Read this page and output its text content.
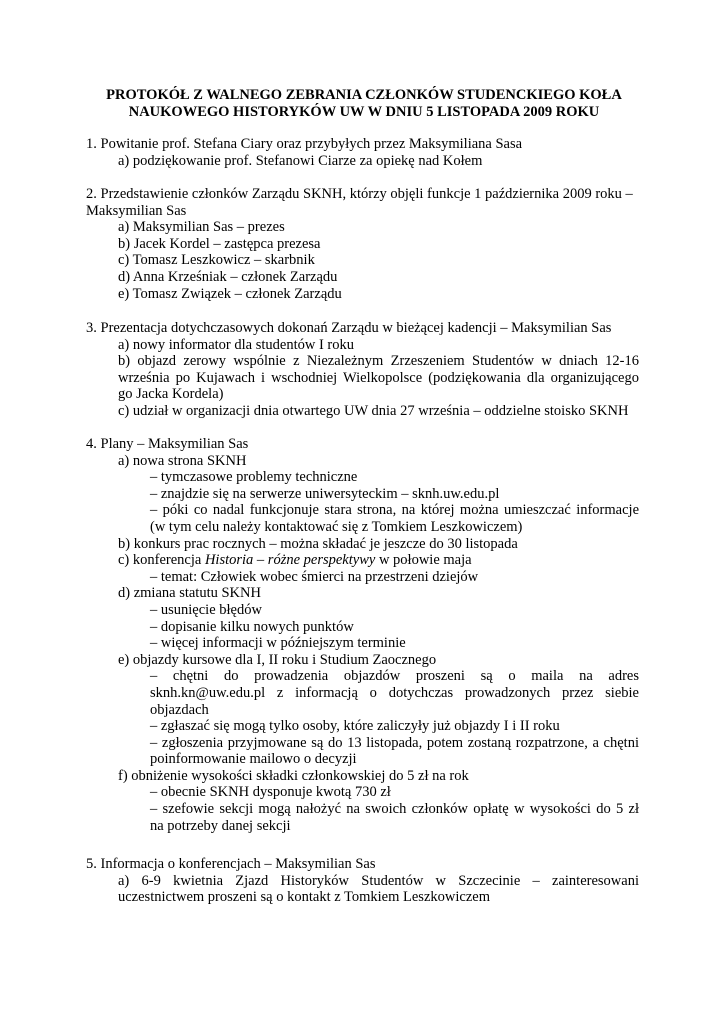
PROTOKÓŁ Z WALNEGO ZEBRANIA CZŁONKÓW STUDENCKIEGO KOŁA
NAUKOWEGO HISTORYKÓW UW W DNIU 5 LISTOPADA 2009 ROKU
1. Powitanie prof. Stefana Ciary oraz przybyłych przez Maksymiliana Sasa
a) podziękowanie prof. Stefanowi Ciarze za opiekę nad Kołem
2. Przedstawienie członków Zarządu SKNH, którzy objęli funkcje 1 października 2009 roku –
Maksymilian Sas
a) Maksymilian Sas – prezes
b) Jacek Kordel – zastępca prezesa
c) Tomasz Leszkowicz – skarbnik
d) Anna Krześniak – członek Zarządu
e) Tomasz Związek – członek Zarządu
3. Prezentacja dotychczasowych dokonań Zarządu w bieżącej kadencji – Maksymilian Sas
a) nowy informator dla studentów I roku
b) objazd zerowy wspólnie z Niezależnym Zrzeszeniem Studentów w dniach 12-16
września po Kujawach i wschodniej Wielkopolsce (podziękowania dla organizującego
go Jacka Kordela)
c) udział w organizacji dnia otwartego UW dnia 27 września – oddzielne stoisko SKNH
4. Plany – Maksymilian Sas
a) nowa strona SKNH
– tymczasowe problemy techniczne
– znajdzie się na serwerze uniwersyteckim – sknh.uw.edu.pl
– póki co nadal funkcjonuje stara strona, na której można umieszczać informacje
(w tym celu należy kontaktować się z Tomkiem Leszkowiczem)
b) konkurs prac rocznych – można składać je jeszcze do 30 listopada
c) konferencja Historia – różne perspektywy w połowie maja
– temat: Człowiek wobec śmierci na przestrzeni dziejów
d) zmiana statutu SKNH
– usunięcie błędów
– dopisanie kilku nowych punktów
– więcej informacji w późniejszym terminie
e) objazdy kursowe dla I, II roku i Studium Zaocznego
– chętni do prowadzenia objazdów proszeni są o maila na adres
sknh.kn@uw.edu.pl z informacją o dotychczas prowadzonych przez siebie
objazdach
– zgłaszać się mogą tylko osoby, które zaliczyły już objazdy I i II roku
– zgłoszenia przyjmowane są do 13 listopada, potem zostaną rozpatrzone, a chętni
poinformowanie mailowo o decyzji
f) obniżenie wysokości składki członkowskiej do 5 zł na rok
– obecnie SKNH dysponuje kwotą 730 zł
– szefowie sekcji mogą nałożyć na swoich członków opłatę w wysokości do 5 zł
na potrzeby danej sekcji
5. Informacja o konferencjach – Maksymilian Sas
a) 6-9 kwietnia Zjazd Historyków Studentów w Szczecinie – zainteresowani
uczestnictwem proszeni są o kontakt z Tomkiem Leszkowiczem
